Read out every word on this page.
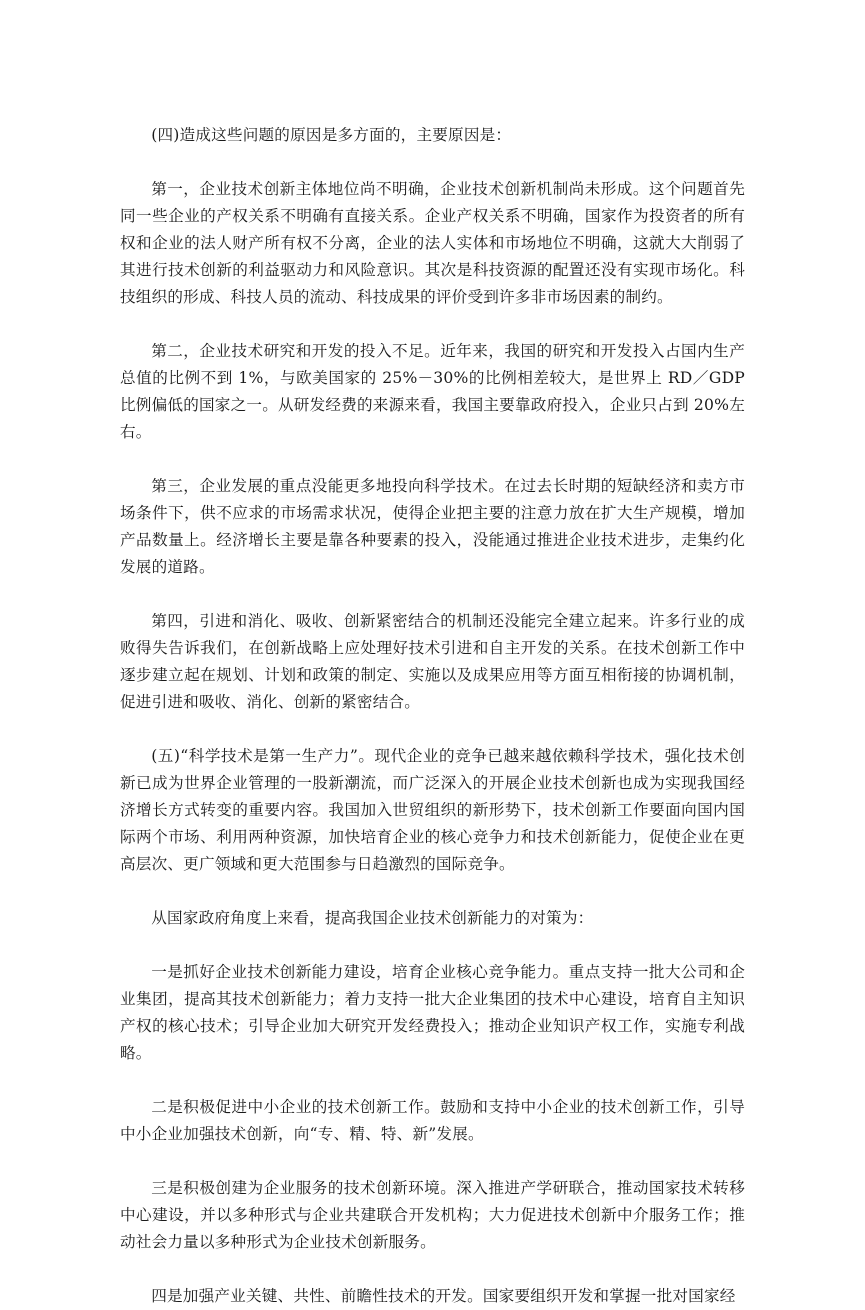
(四)造成这些问题的原因是多方面的，主要原因是：

第一，企业技术创新主体地位尚不明确，企业技术创新机制尚未形成。这个问题首先同一些企业的产权关系不明确有直接关系。企业产权关系不明确，国家作为投资者的所有权和企业的法人财产所有权不分离，企业的法人实体和市场地位不明确，这就大大削弱了其进行技术创新的利益驱动力和风险意识。其次是科技资源的配置还没有实现市场化。科技组织的形成、科技人员的流动、科技成果的评价受到许多非市场因素的制约。

第二，企业技术研究和开发的投入不足。近年来，我国的研究和开发投入占国内生产总值的比例不到 1%，与欧美国家的 25%－30%的比例相差较大，是世界上 RD／GDP 比例偏低的国家之一。从研发经费的来源来看，我国主要靠政府投入，企业只占到 20%左右。

第三，企业发展的重点没能更多地投向科学技术。在过去长时期的短缺经济和卖方市场条件下，供不应求的市场需求状况，使得企业把主要的注意力放在扩大生产规模，增加产品数量上。经济增长主要是靠各种要素的投入，没能通过推进企业技术进步，走集约化发展的道路。

第四，引进和消化、吸收、创新紧密结合的机制还没能完全建立起来。许多行业的成败得失告诉我们，在创新战略上应处理好技术引进和自主开发的关系。在技术创新工作中逐步建立起在规划、计划和政策的制定、实施以及成果应用等方面互相衔接的协调机制，促进引进和吸收、消化、创新的紧密结合。

(五)“科学技术是第一生产力”。现代企业的竞争已越来越依赖科学技术，强化技术创新已成为世界企业管理的一股新潮流，而广泛深入的开展企业技术创新也成为实现我国经济增长方式转变的重要内容。我国加入世贸组织的新形势下，技术创新工作要面向国内国际两个市场、利用两种资源，加快培育企业的核心竞争力和技术创新能力，促使企业在更高层次、更广领域和更大范围参与日趋激烈的国际竞争。

从国家政府角度上来看，提高我国企业技术创新能力的对策为：

一是抓好企业技术创新能力建设，培育企业核心竞争能力。重点支持一批大公司和企业集团，提高其技术创新能力；着力支持一批大企业集团的技术中心建设，培育自主知识产权的核心技术；引导企业加大研究开发经费投入；推动企业知识产权工作，实施专利战略。

二是积极促进中小企业的技术创新工作。鼓励和支持中小企业的技术创新工作，引导中小企业加强技术创新，向“专、精、特、新”发展。

三是积极创建为企业服务的技术创新环境。深入推进产学研联合，推动国家技术转移中心建设，并以多种形式与企业共建联合开发机构；大力促进技术创新中介服务工作；推动社会力量以多种形式为企业技术创新服务。

四是加强产业关键、共性、前瞻性技术的开发。国家要组织开发和掌握一批对国家经
